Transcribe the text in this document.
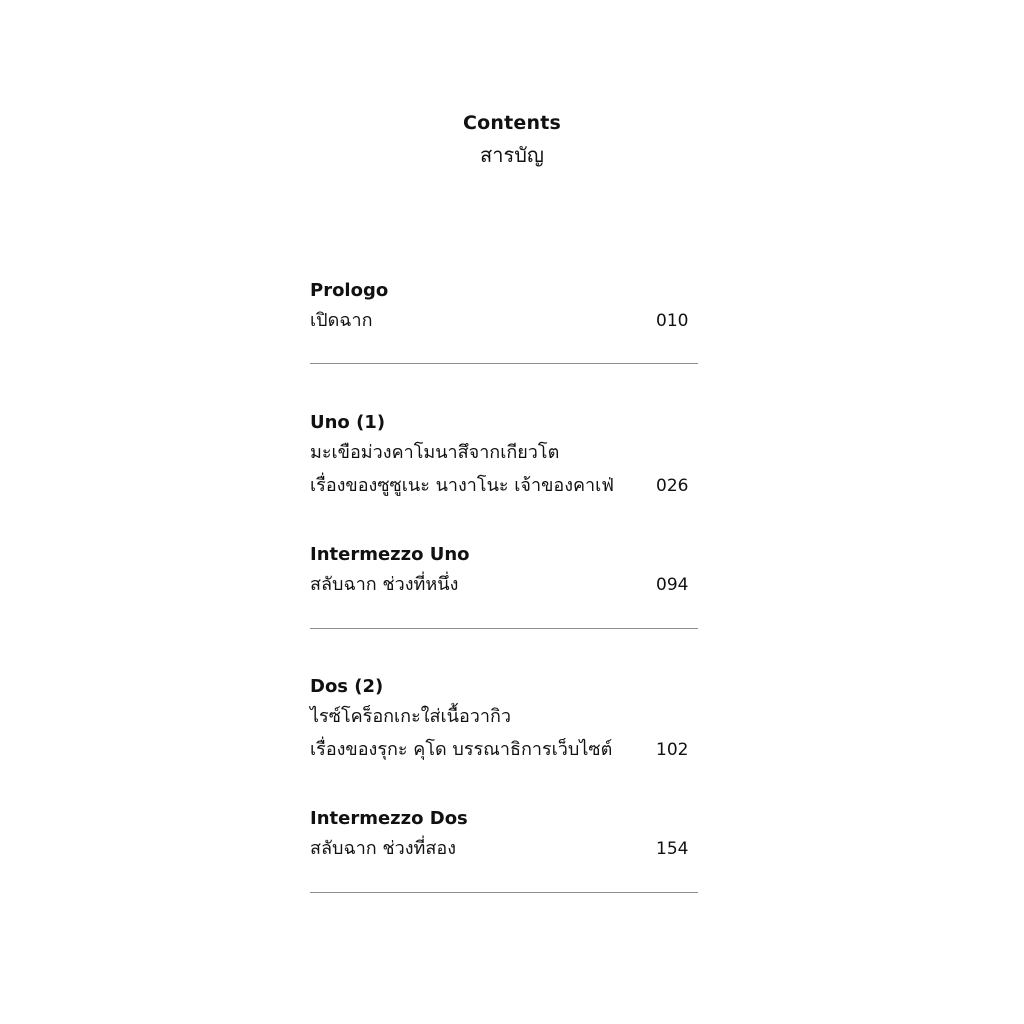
Contents
สารบัญ
Prologo
เปิดฉาก	010
Uno (1)
มะเขือม่วงคาโมนาสึจากเกียวโต
เรื่องของซูซูเนะ นางาโนะ เจ้าของคาเฟ่	026
Intermezzo Uno
สลับฉาก ช่วงที่หนึ่ง	094
Dos (2)
ไรซ์โคร็อกเกะใส่เนื้อวากิว
เรื่องของรุกะ คุโด บรรณาธิการเว็บไซต์	102
Intermezzo Dos
สลับฉาก ช่วงที่สอง	154
